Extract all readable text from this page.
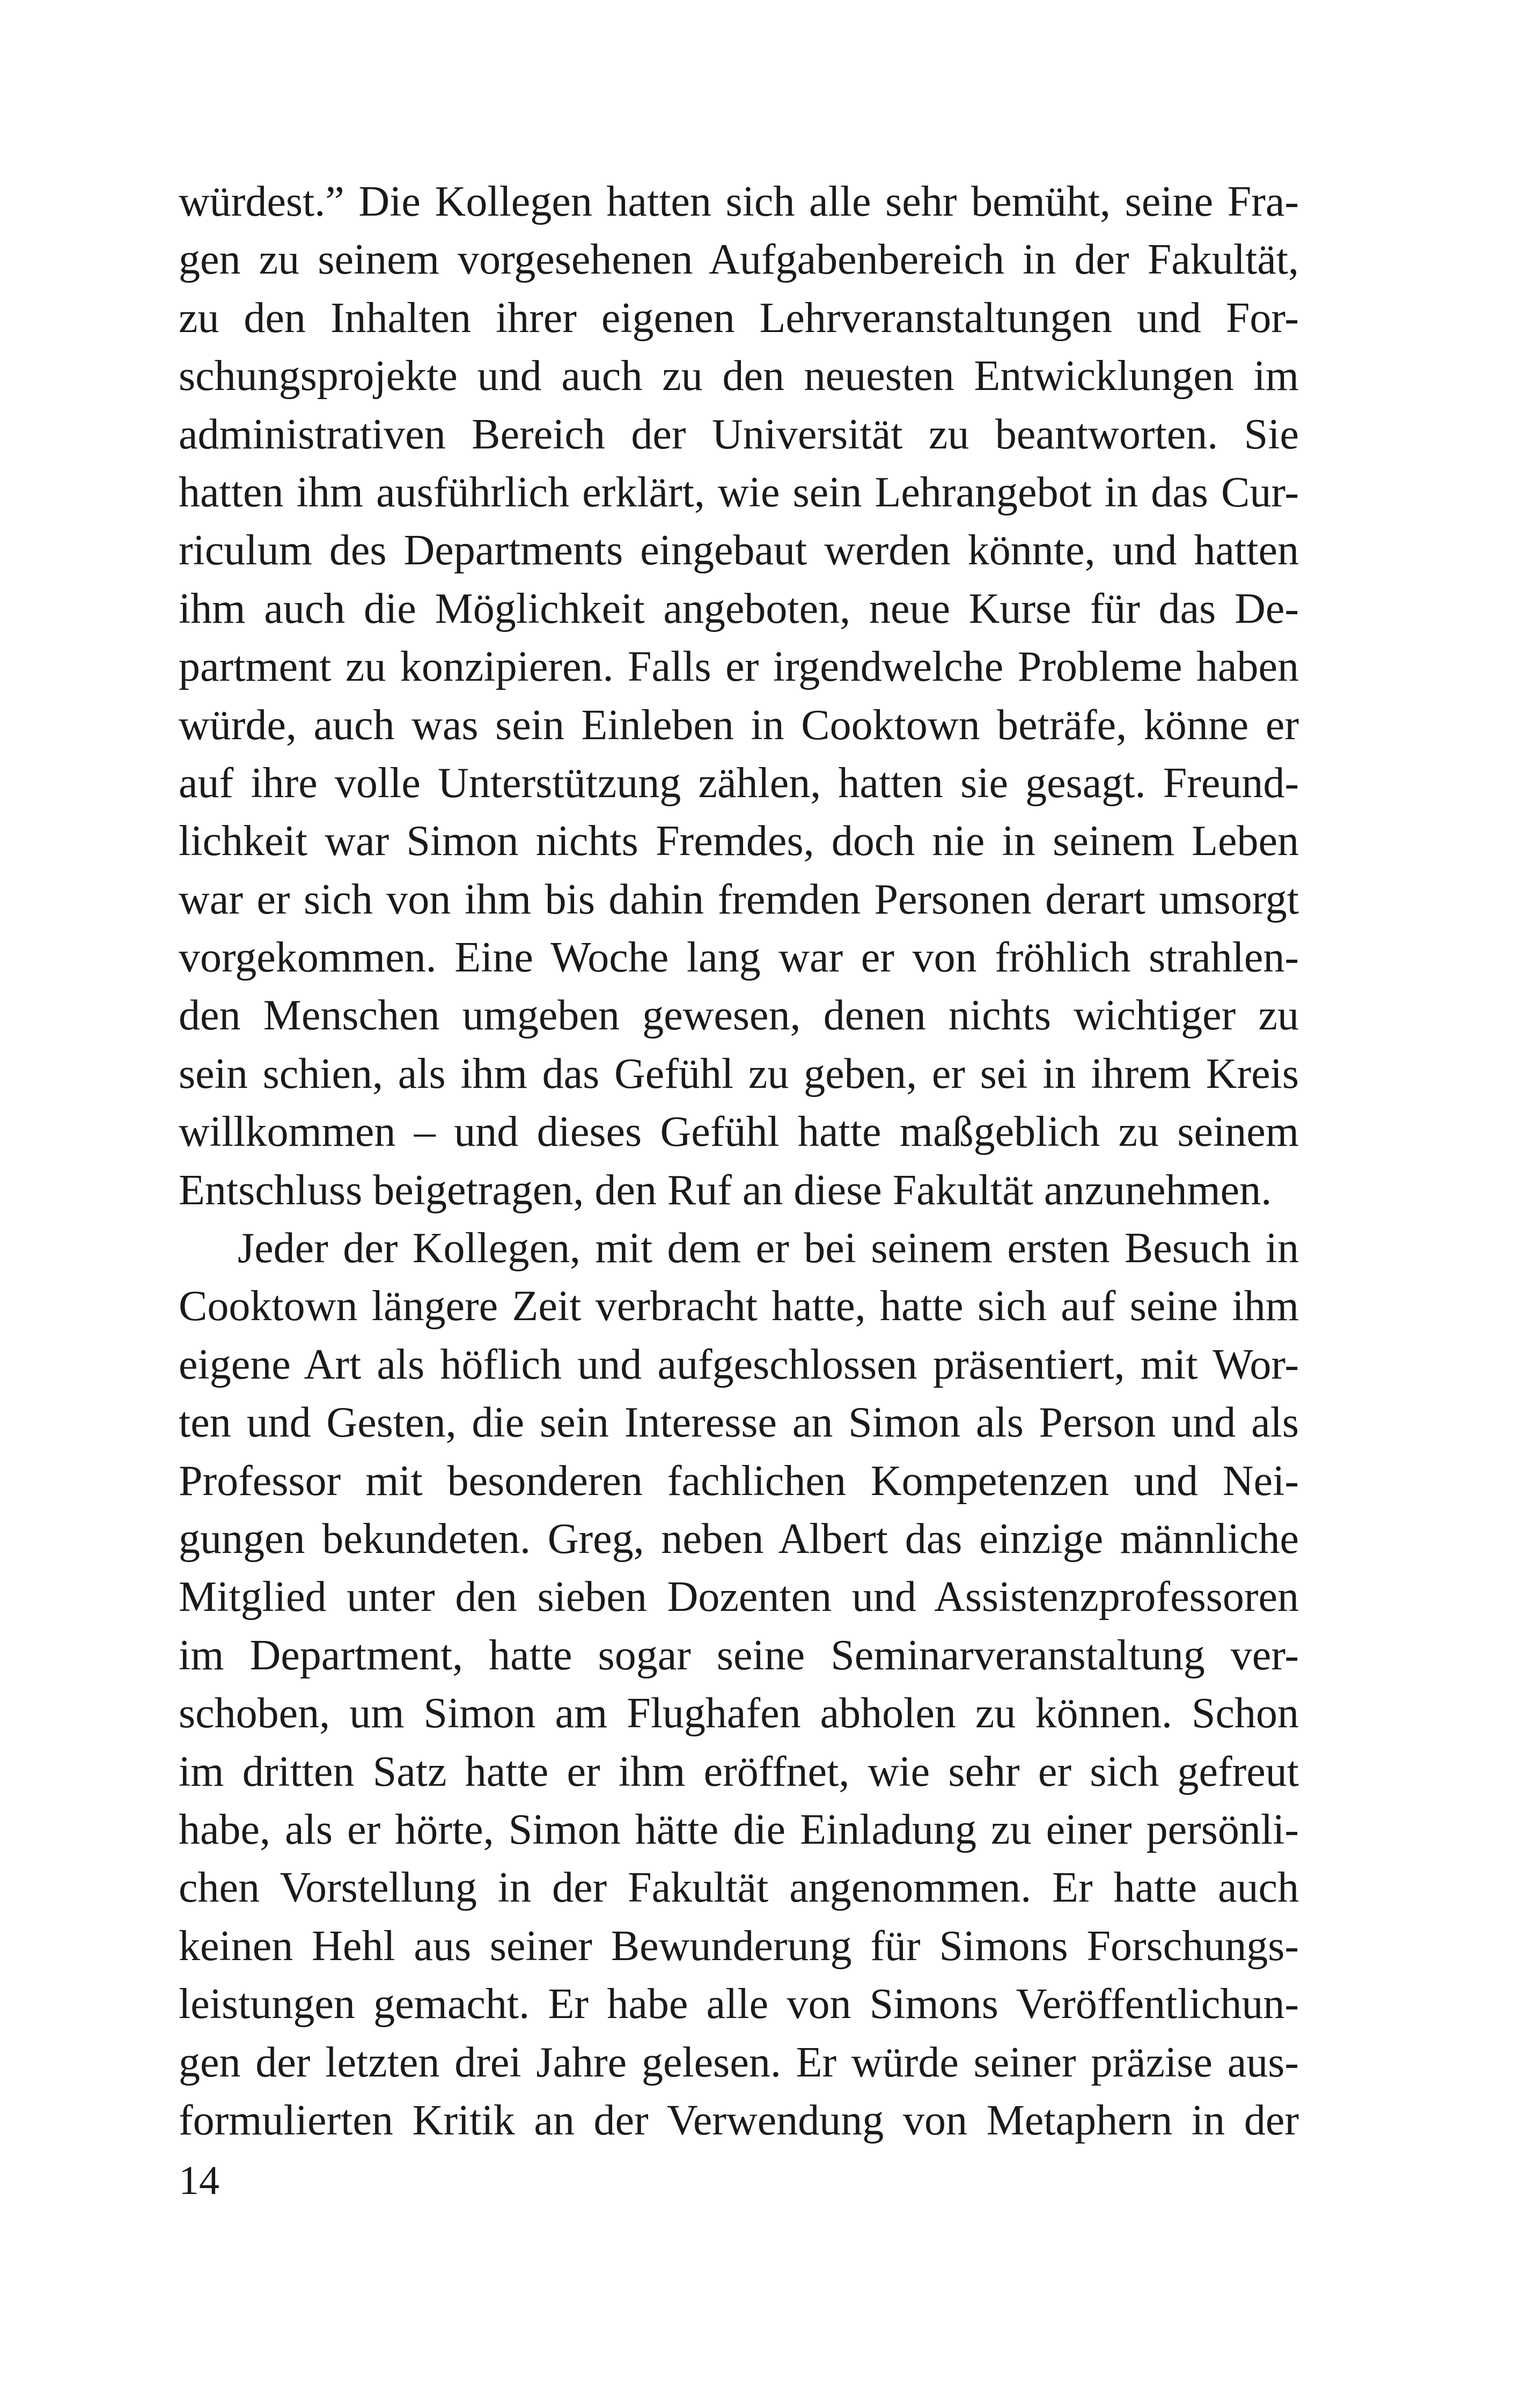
würdest.” Die Kollegen hatten sich alle sehr bemüht, seine Fra-
gen zu seinem vorgesehenen Aufgabenbereich in der Fakultät,
zu den Inhalten ihrer eigenen Lehrveranstaltungen und For-
schungsprojekte und auch zu den neuesten Entwicklungen im
administrativen Bereich der Universität zu beantworten. Sie
hatten ihm ausführlich erklärt, wie sein Lehrangebot in das Cur-
riculum des Departments eingebaut werden könnte, und hatten
ihm auch die Möglichkeit angeboten, neue Kurse für das De-
partment zu konzipieren. Falls er irgendwelche Probleme haben
würde, auch was sein Einleben in Cooktown beträfe, könne er
auf ihre volle Unterstützung zählen, hatten sie gesagt. Freund-
lichkeit war Simon nichts Fremdes, doch nie in seinem Leben
war er sich von ihm bis dahin fremden Personen derart umsorgt
vorgekommen. Eine Woche lang war er von fröhlich strahlen-
den Menschen umgeben gewesen, denen nichts wichtiger zu
sein schien, als ihm das Gefühl zu geben, er sei in ihrem Kreis
willkommen – und dieses Gefühl hatte maßgeblich zu seinem
Entschluss beigetragen, den Ruf an diese Fakultät anzunehmen.
Jeder der Kollegen, mit dem er bei seinem ersten Besuch in
Cooktown längere Zeit verbracht hatte, hatte sich auf seine ihm
eigene Art als höflich und aufgeschlossen präsentiert, mit Wor-
ten und Gesten, die sein Interesse an Simon als Person und als
Professor mit besonderen fachlichen Kompetenzen und Nei-
gungen bekundeten. Greg, neben Albert das einzige männliche
Mitglied unter den sieben Dozenten und Assistenzprofessoren
im Department, hatte sogar seine Seminarveranstaltung ver-
schoben, um Simon am Flughafen abholen zu können. Schon
im dritten Satz hatte er ihm eröffnet, wie sehr er sich gefreut
habe, als er hörte, Simon hätte die Einladung zu einer persönli-
chen Vorstellung in der Fakultät angenommen. Er hatte auch
keinen Hehl aus seiner Bewunderung für Simons Forschungs-
leistungen gemacht. Er habe alle von Simons Veröffentlichun-
gen der letzten drei Jahre gelesen. Er würde seiner präzise aus-
formulierten Kritik an der Verwendung von Metaphern in der
14
